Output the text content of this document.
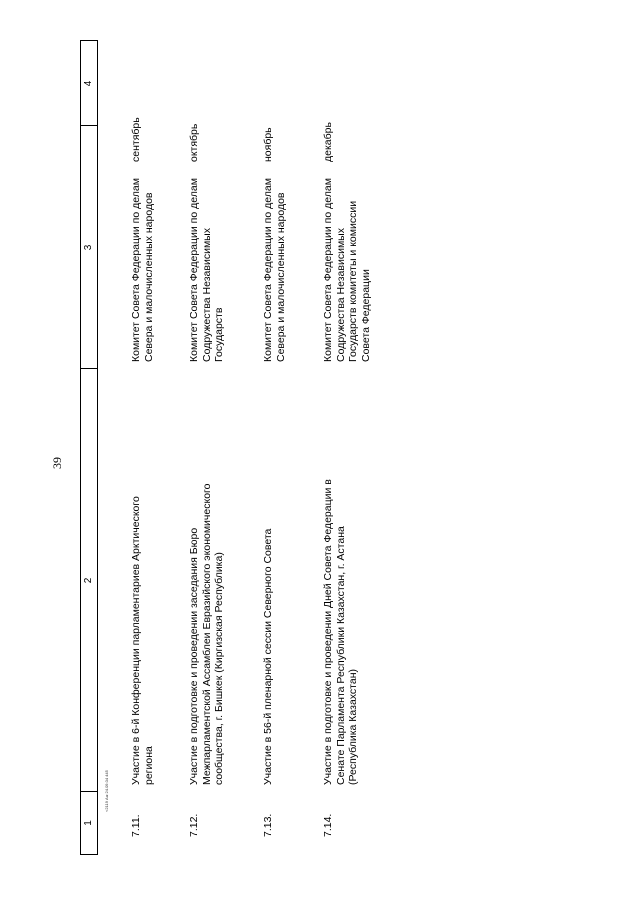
39
1
2
3
4
7.11.
Участие в 6-й Конференции парламентариев Арктического региона
Комитет Совета Федерации по делам Севера и малочисленных народов
сентябрь
7.12.
Участие в подготовке и проведении заседания Бюро Межпарламентской Ассамблеи Евразийского экономического сообщества, г. Бишкек (Киргизская Республика)
Комитет Совета Федерации по делам Содружества Независимых Государств
октябрь
7.13.
Участие в 56-й пленарной сессии Северного Совета
Комитет Совета Федерации по делам Севера и малочисленных народов
ноябрь
7.14.
Участие в подготовке и проведении Дней Совета Федерации в Сенате Парламента Республики Казахстан, г. Астана (Республика Казахстан)
Комитет Совета Федерации по делам Содружества Независимых Государств комитеты и комиссии Совета Федерации
декабрь
<2119 Аж 24.09.04 445
